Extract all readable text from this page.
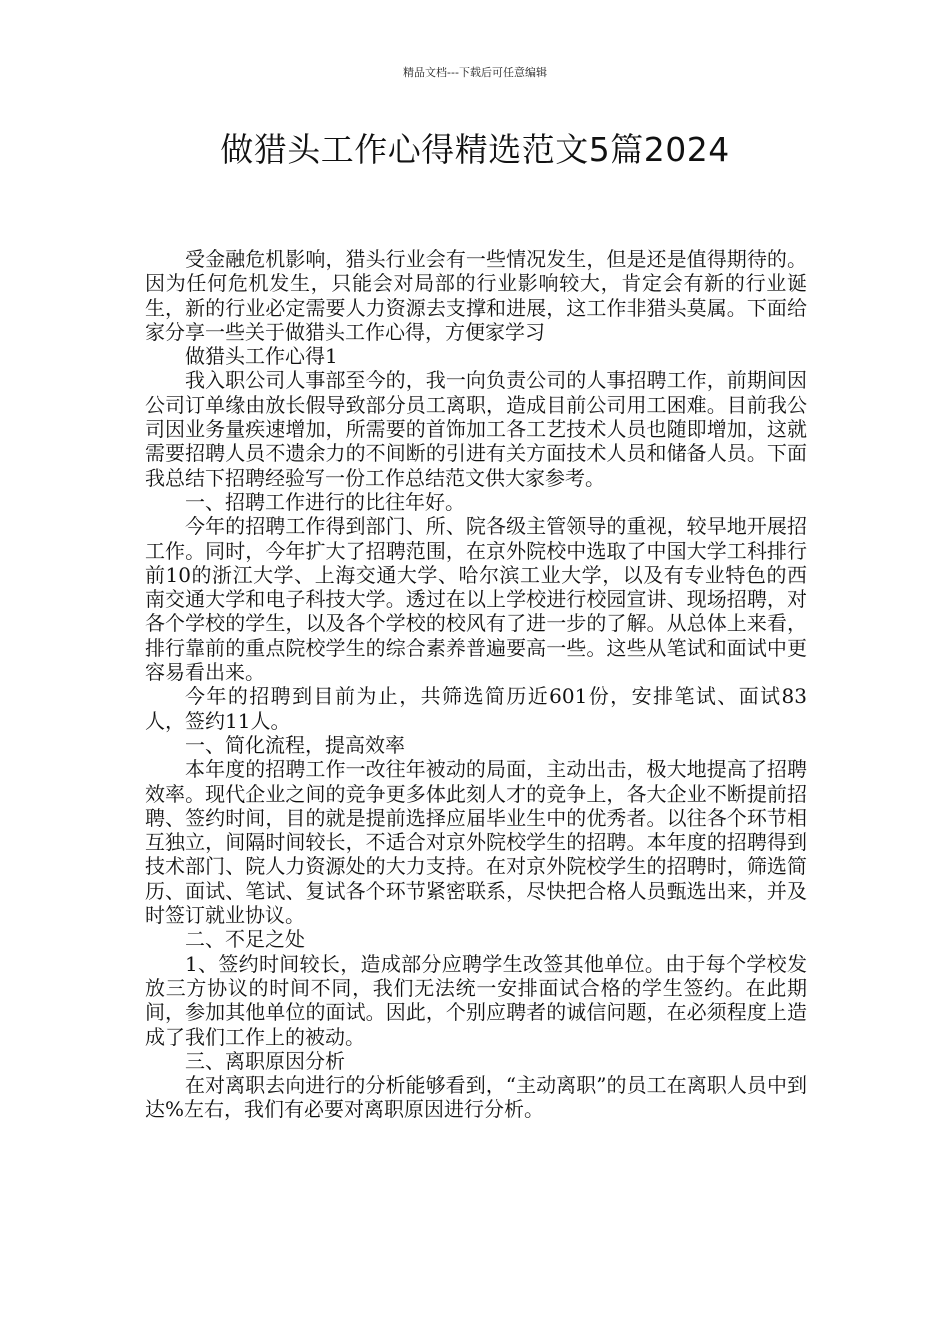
精品文档---下载后可任意编辑
做猎头工作心得精选范文5篇2024

受金融危机影响，猎头行业会有一些情况发生，但是还是值得期待的。因为任何危机发生，只能会对局部的行业影响较大，肯定会有新的行业诞生，新的行业必定需要人力资源去支撑和进展，这工作非猎头莫属。下面给家分享一些关于做猎头工作心得，方便家学习

做猎头工作心得1

我入职公司人事部至今的，我一向负责公司的人事招聘工作，前期间因公司订单缘由放长假导致部分员工离职，造成目前公司用工困难。目前我公司因业务量疾速增加，所需要的首饰加工各工艺技术人员也随即增加，这就需要招聘人员不遗余力的不间断的引进有关方面技术人员和储备人员。下面我总结下招聘经验写一份工作总结范文供大家参考。

一、招聘工作进行的比往年好。

今年的招聘工作得到部门、所、院各级主管领导的重视，较早地开展招工作。同时，今年扩大了招聘范围，在京外院校中选取了中国大学工科排行前10的浙江大学、上海交通大学、哈尔滨工业大学，以及有专业特色的西南交通大学和电子科技大学。透过在以上学校进行校园宣讲、现场招聘，对各个学校的学生，以及各个学校的校风有了进一步的了解。从总体上来看，排行靠前的重点院校学生的综合素养普遍要高一些。这些从笔试和面试中更容易看出来。

今年的招聘到目前为止，共筛选简历近601份，安排笔试、面试83人，签约11人。

一、简化流程，提高效率

本年度的招聘工作一改往年被动的局面，主动出击，极大地提高了招聘效率。现代企业之间的竞争更多体此刻人才的竞争上，各大企业不断提前招聘、签约时间，目的就是提前选择应届毕业生中的优秀者。以往各个环节相互独立，间隔时间较长，不适合对京外院校学生的招聘。本年度的招聘得到技术部门、院人力资源处的大力支持。在对京外院校学生的招聘时，筛选简历、面试、笔试、复试各个环节紧密联系，尽快把合格人员甄选出来，并及时签订就业协议。

二、不足之处

1、签约时间较长，造成部分应聘学生改签其他单位。由于每个学校发放三方协议的时间不同，我们无法统一安排面试合格的学生签约。在此期间，参加其他单位的面试。因此，个别应聘者的诚信问题，在必须程度上造成了我们工作上的被动。

三、离职原因分析

在对离职去向进行的分析能够看到，“主动离职”的员工在离职人员中到达%左右，我们有必要对离职原因进行分析。
